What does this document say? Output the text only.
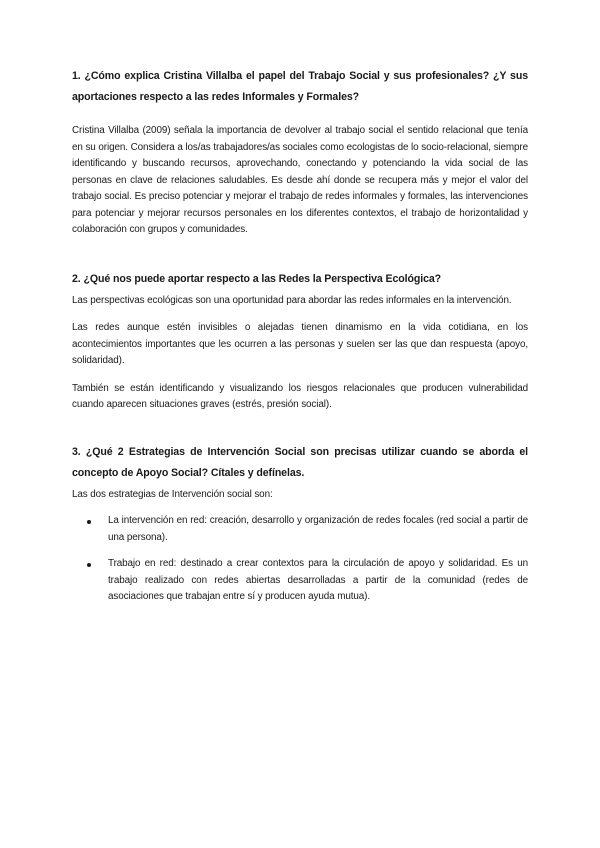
1. ¿Cómo explica Cristina Villalba el papel del Trabajo Social y sus profesionales? ¿Y sus aportaciones respecto a las redes Informales y Formales?

Cristina Villalba (2009) señala la importancia de devolver al trabajo social el sentido relacional que tenía en su origen. Considera a los/as trabajadores/as sociales como ecologistas de lo socio-relacional, siempre identificando y buscando recursos, aprovechando, conectando y potenciando la vida social de las personas en clave de relaciones saludables. Es desde ahí donde se recupera más y mejor el valor del trabajo social. Es preciso potenciar y mejorar el trabajo de redes informales y formales, las intervenciones para potenciar y mejorar recursos personales en los diferentes contextos, el trabajo de horizontalidad y colaboración con grupos y comunidades.

2. ¿Qué nos puede aportar respecto a las Redes la Perspectiva Ecológica?

Las perspectivas ecológicas son una oportunidad para abordar las redes informales en la intervención.

Las redes aunque estén invisibles o alejadas tienen dinamismo en la vida cotidiana, en los acontecimientos importantes que les ocurren a las personas y suelen ser las que dan respuesta (apoyo, solidaridad).

También se están identificando y visualizando los riesgos relacionales que producen vulnerabilidad cuando aparecen situaciones graves (estrés, presión social).

3. ¿Qué 2 Estrategias de Intervención Social son precisas utilizar cuando se aborda el concepto de Apoyo Social? Cítales y defínelas.

Las dos estrategias de Intervención social son:

La intervención en red: creación, desarrollo y organización de redes focales (red social a partir de una persona).

Trabajo en red: destinado a crear contextos para la circulación de apoyo y solidaridad. Es un trabajo realizado con redes abiertas desarrolladas a partir de la comunidad (redes de asociaciones que trabajan entre sí y producen ayuda mutua).
